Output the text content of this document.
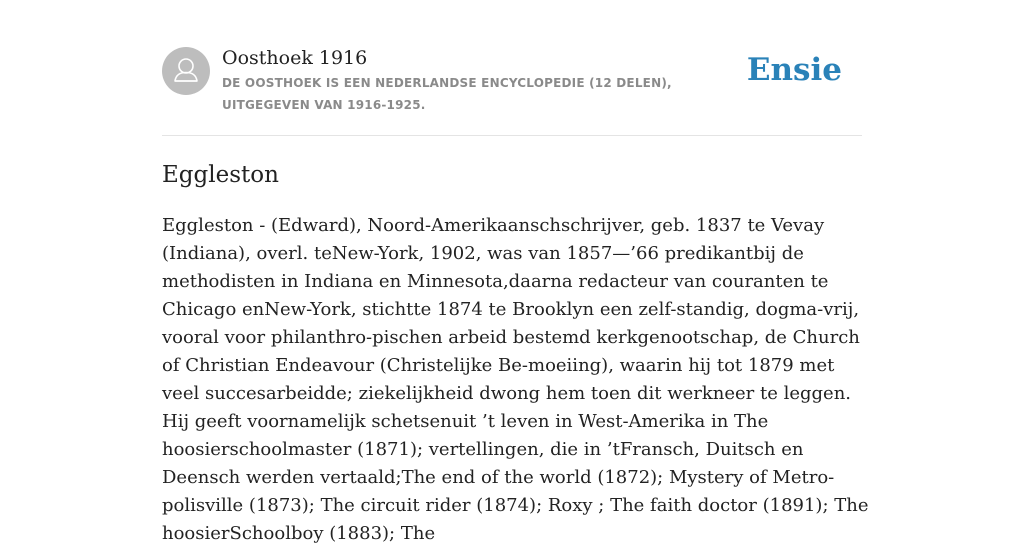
Oosthoek 1916
DE OOSTHOEK IS EEN NEDERLANDSE ENCYCLOPEDIE (12 DELEN), UITGEGEVEN VAN 1916-1925.
Ensie
Eggleston

Eggleston - (Edward), Noord-Amerikaanschschrijver, geb. 1837 te Vevay (Indiana), overl. teNew-York, 1902, was van 1857—’66 predikantbij de methodisten in Indiana en Minnesota,daarna redacteur van couranten te Chicago enNew-York, stichtte 1874 te Brooklyn een zelf-standig, dogma-vrij, vooral voor philanthro-pischen arbeid bestemd kerkgenootschap, de Church of Christian Endeavour (Christelijke Be-moeiing), waarin hij tot 1879 met veel succesarbeidde; ziekelijkheid dwong hem toen dit werkneer te leggen. Hij geeft voornamelijk schetsenuit ’t leven in West-Amerika in The hoosierschoolmaster (1871); vertellingen, die in ’tFransch, Duitsch en Deensch werden vertaald;The end of the world (1872); Mystery of Metro-polisville (1873); The circuit rider (1874); Roxy ; The faith doctor (1891); The hoosierSchoolboy (1883); The
